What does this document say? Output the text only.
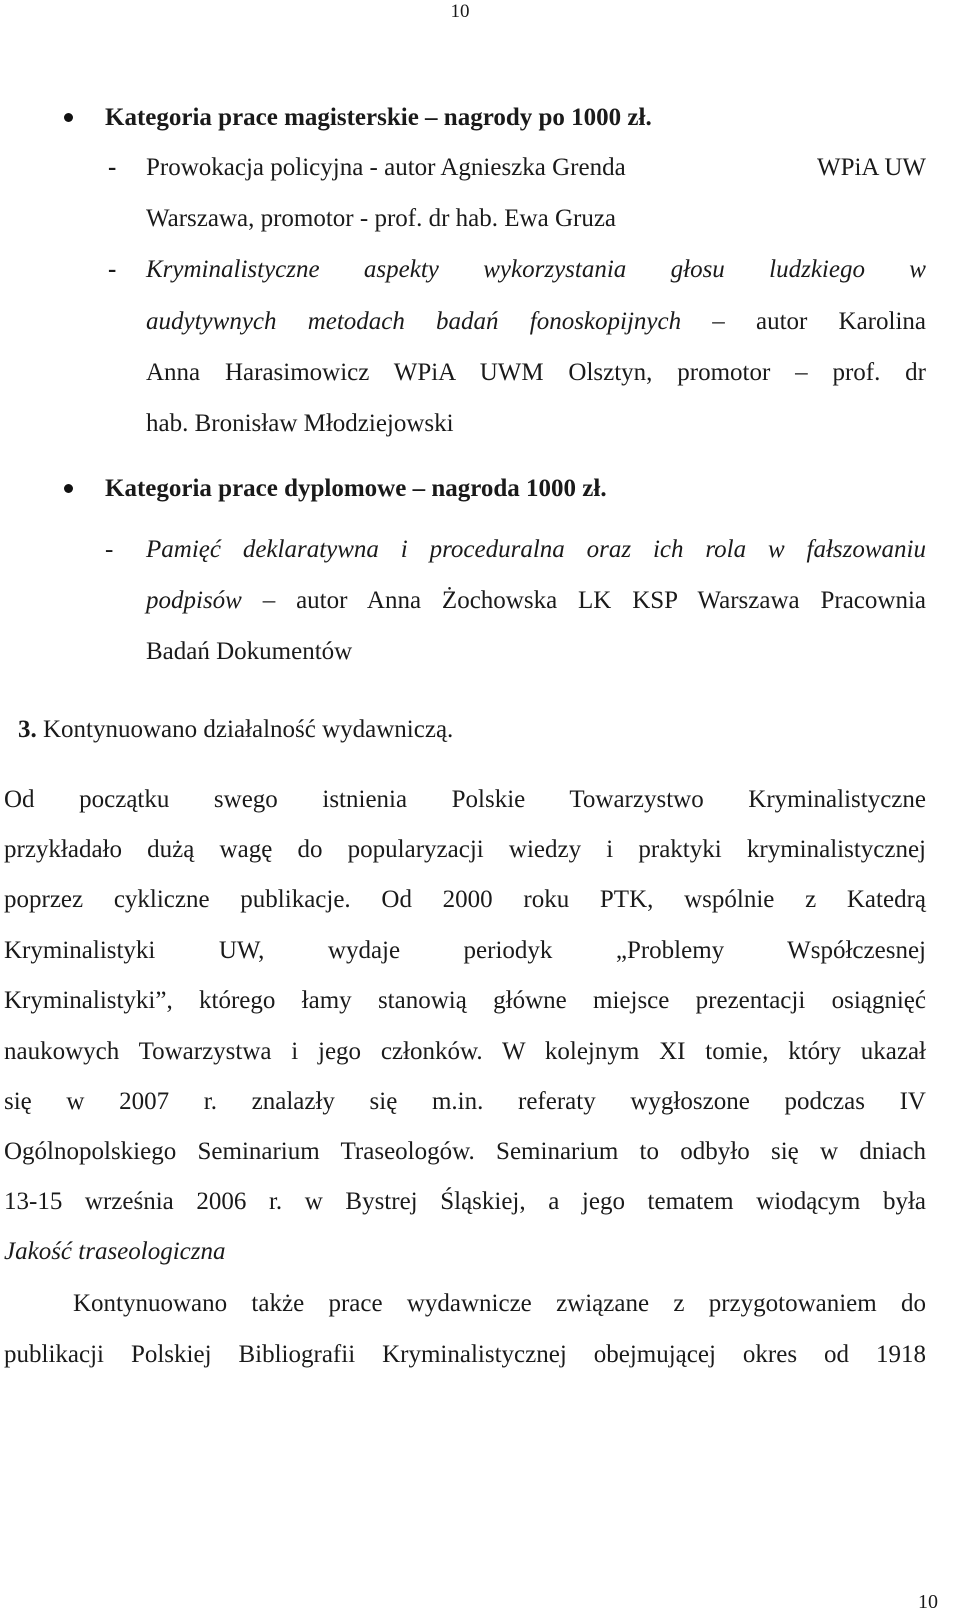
10
Kategoria prace magisterskie – nagrody po 1000 zł.
- Prowokacja policyjna - autor Agnieszka Grenda	WPiA UW
Warszawa, promotor - prof. dr hab. Ewa Gruza
- Kryminalistyczne aspekty wykorzystania głosu ludzkiego w
audytywnych metodach badań fonoskopijnych – autor Karolina
Anna Harasimowicz WPiA UWM Olsztyn, promotor – prof. dr
hab. Bronisław Młodziejowski
Kategoria prace dyplomowe – nagroda 1000 zł.
- Pamięć deklaratywna i proceduralna oraz ich rola w fałszowaniu
podpisów – autor Anna Żochowska LK KSP Warszawa Pracownia
Badań Dokumentów
3. Kontynuowano działalność wydawniczą.
Od początku swego istnienia Polskie Towarzystwo Kryminalistyczne
przykładało dużą wagę do popularyzacji wiedzy i praktyki kryminalistycznej
poprzez cykliczne publikacje. Od 2000 roku PTK, wspólnie z Katedrą
Kryminalistyki UW, wydaje periodyk „Problemy Współczesnej
Kryminalistyki”, którego łamy stanowią główne miejsce prezentacji osiągnięć
naukowych Towarzystwa i jego członków. W kolejnym XI tomie, który ukazał
się w 2007 r. znalazły się m.in. referaty wygłoszone podczas IV
Ogólnopolskiego Seminarium Traseologów. Seminarium to odbyło się w dniach
13-15 września 2006 r. w Bystrej Śląskiej, a jego tematem wiodącym była
Jakość traseologiczna
Kontynuowano także prace wydawnicze związane z przygotowaniem do
publikacji Polskiej Bibliografii Kryminalistycznej obejmującej okres od 1918
10
